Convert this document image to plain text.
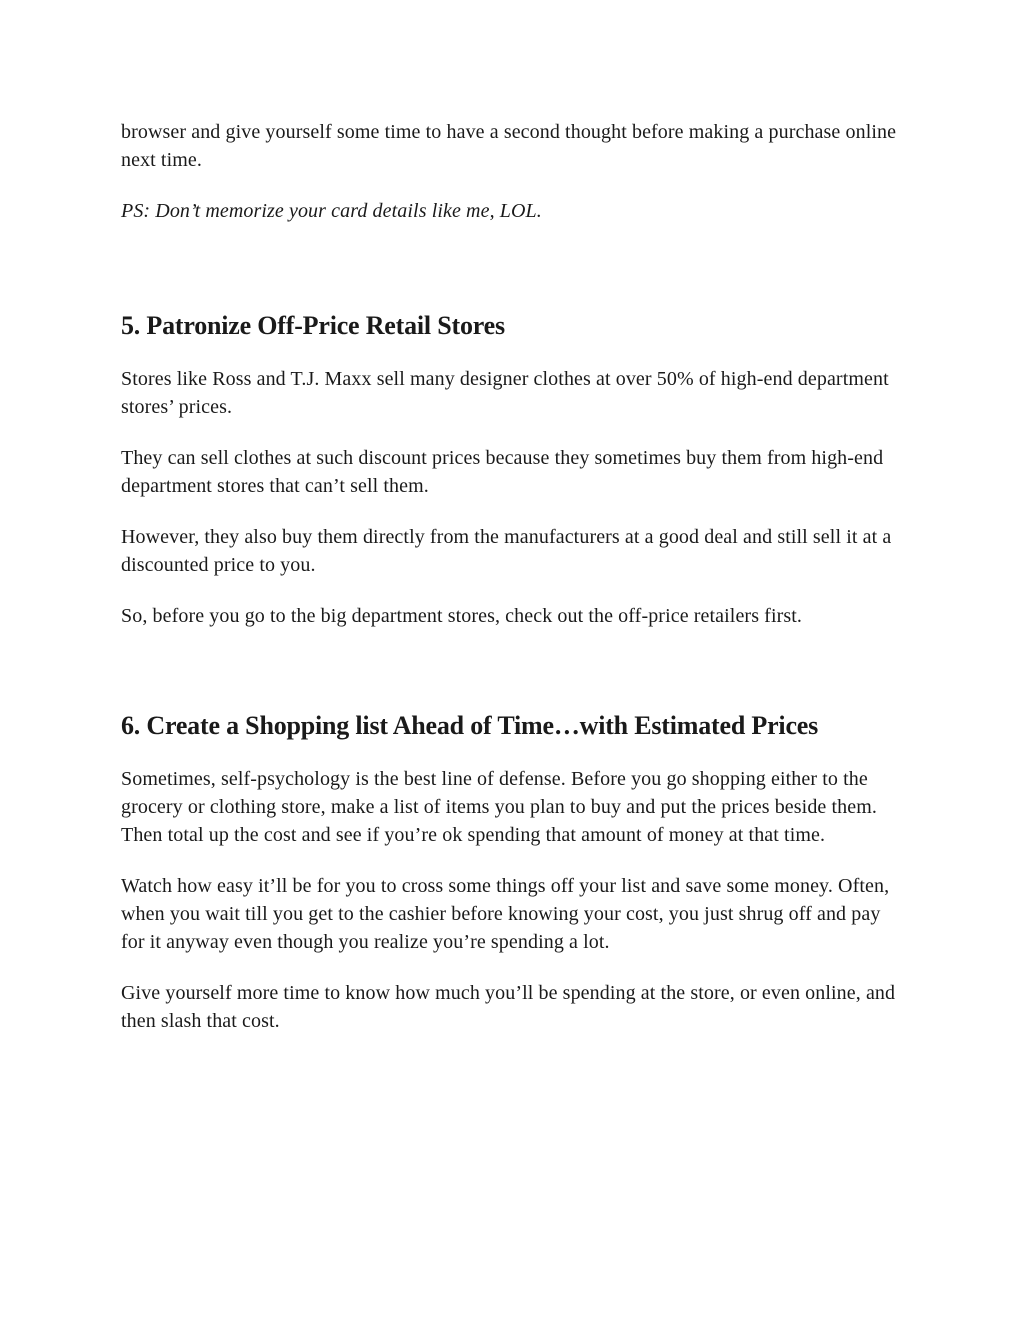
browser and give yourself some time to have a second thought before making a purchase online next time.

PS: Don’t memorize your card details like me, LOL.

5. Patronize Off-Price Retail Stores

Stores like Ross and T.J. Maxx sell many designer clothes at over 50% of high-end department stores’ prices.

They can sell clothes at such discount prices because they sometimes buy them from high-end department stores that can’t sell them.

However, they also buy them directly from the manufacturers at a good deal and still sell it at a discounted price to you.

So, before you go to the big department stores, check out the off-price retailers first.

6. Create a Shopping list Ahead of Time…with Estimated Prices

Sometimes, self-psychology is the best line of defense. Before you go shopping either to the grocery or clothing store, make a list of items you plan to buy and put the prices beside them. Then total up the cost and see if you’re ok spending that amount of money at that time.

Watch how easy it’ll be for you to cross some things off your list and save some money. Often, when you wait till you get to the cashier before knowing your cost, you just shrug off and pay for it anyway even though you realize you’re spending a lot.

Give yourself more time to know how much you’ll be spending at the store, or even online, and then slash that cost.
